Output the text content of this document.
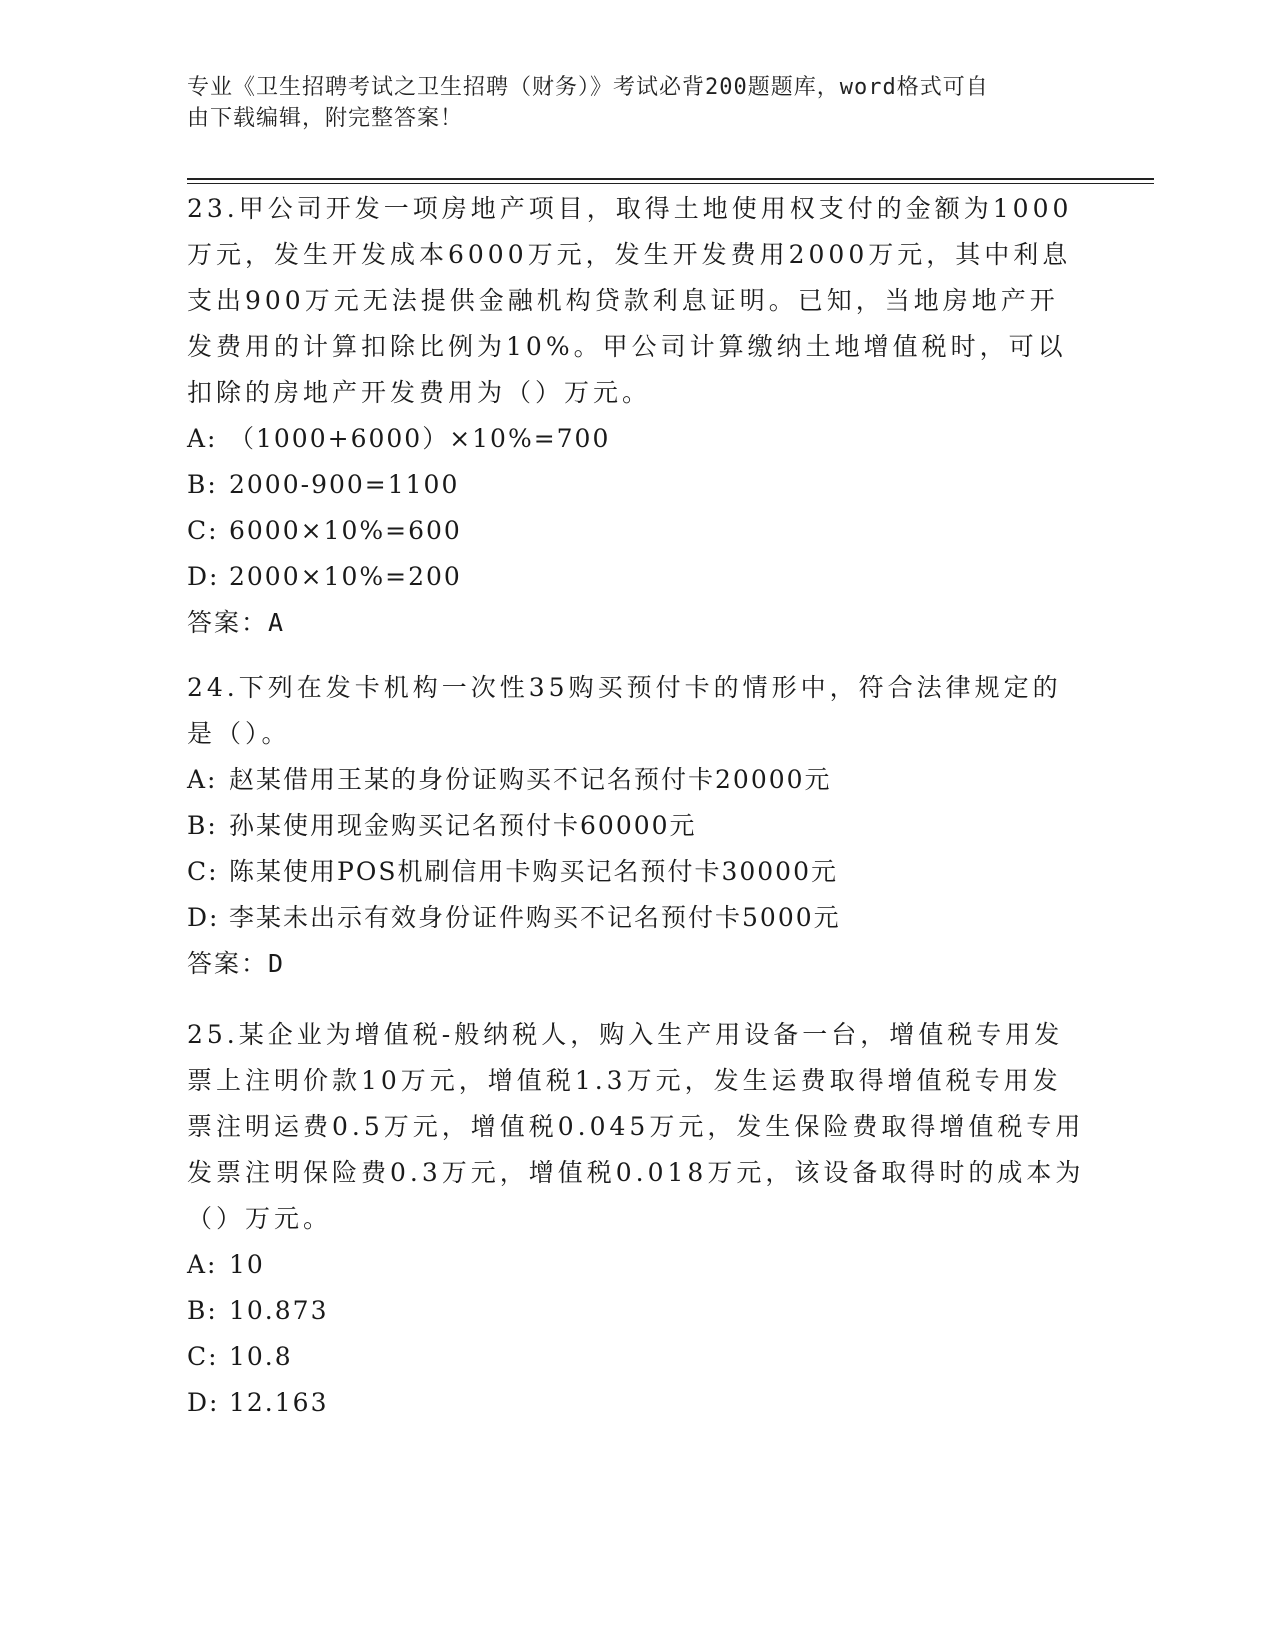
专业《卫生招聘考试之卫生招聘（财务）》考试必背200题题库，word格式可自
由下载编辑，附完整答案！

23.甲公司开发一项房地产项目，取得土地使用权支付的金额为1000万元，发生开发成本6000万元，发生开发费用2000万元，其中利息支出900万元无法提供金融机构贷款利息证明。已知，当地房地产开发费用的计算扣除比例为10%。甲公司计算缴纳土地增值税时，可以扣除的房地产开发费用为（）万元。

A: （1000+6000）×10%=700

B: 2000-900=1100

C: 6000×10%=600

D: 2000×10%=200

答案：A

24.下列在发卡机构一次性35购买预付卡的情形中，符合法律规定的是（）。

A: 赵某借用王某的身份证购买不记名预付卡20000元

B: 孙某使用现金购买记名预付卡60000元

C: 陈某使用POS机刷信用卡购买记名预付卡30000元

D: 李某未出示有效身份证件购买不记名预付卡5000元

答案：D

25.某企业为增值税-般纳税人，购入生产用设备一台，增值税专用发票上注明价款10万元，增值税1.3万元，发生运费取得增值税专用发票注明运费0.5万元，增值税0.045万元，发生保险费取得增值税专用发票注明保险费0.3万元，增值税0.018万元，该设备取得时的成本为（）万元。

A: 10

B: 10.873

C: 10.8

D: 12.163
